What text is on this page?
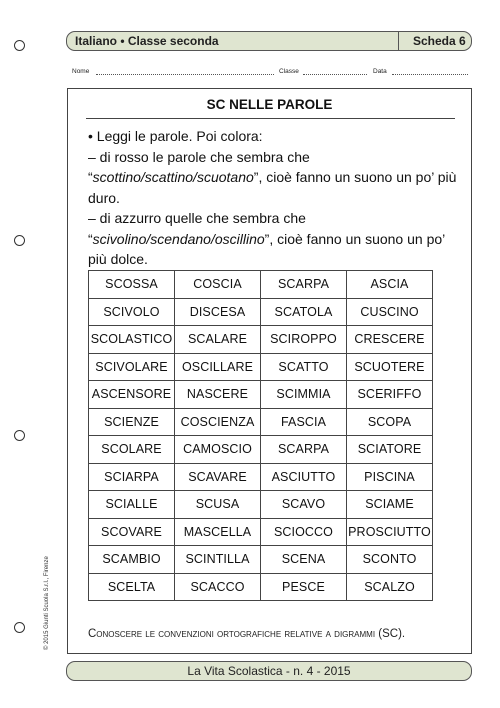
Italiano • Classe seconda	Scheda 6
Nome	Classe	Data
SC NELLE PAROLE

• Leggi le parole. Poi colora:

– di rosso le parole che sembra che “scottino/scattino/scuotano”, cioè fanno un suono un po’ più duro.

– di azzurro quelle che sembra che “scivolino/scendano/oscillino”, cioè fanno un suono un po’ più dolce.

SCOSSA	COSCIA	SCARPA	ASCIA
SCIVOLO	DISCESA	SCATOLA	CUSCINO
SCOLASTICO	SCALARE	SCIROPPO	CRESCERE
SCIVOLARE	OSCILLARE	SCATTO	SCUOTERE
ASCENSORE	NASCERE	SCIMMIA	SCERIFFO
SCIENZE	COSCIENZA	FASCIA	SCOPA
SCOLARE	CAMOSCIO	SCARPA	SCIATORE
SCIARPA	SCAVARE	ASCIUTTO	PISCINA
SCIALLE	SCUSA	SCAVO	SCIAME
SCOVARE	MASCELLA	SCIOCCO	PROSCIUTTO
SCAMBIO	SCINTILLA	SCENA	SCONTO
SCELTA	SCACCO	PESCE	SCALZO
Conoscere le convenzioni ortografiche relative a digrammi (SC).
© 2015 Giunti Scuola S.r.l., Firenze
La Vita Scolastica - n. 4 - 2015
